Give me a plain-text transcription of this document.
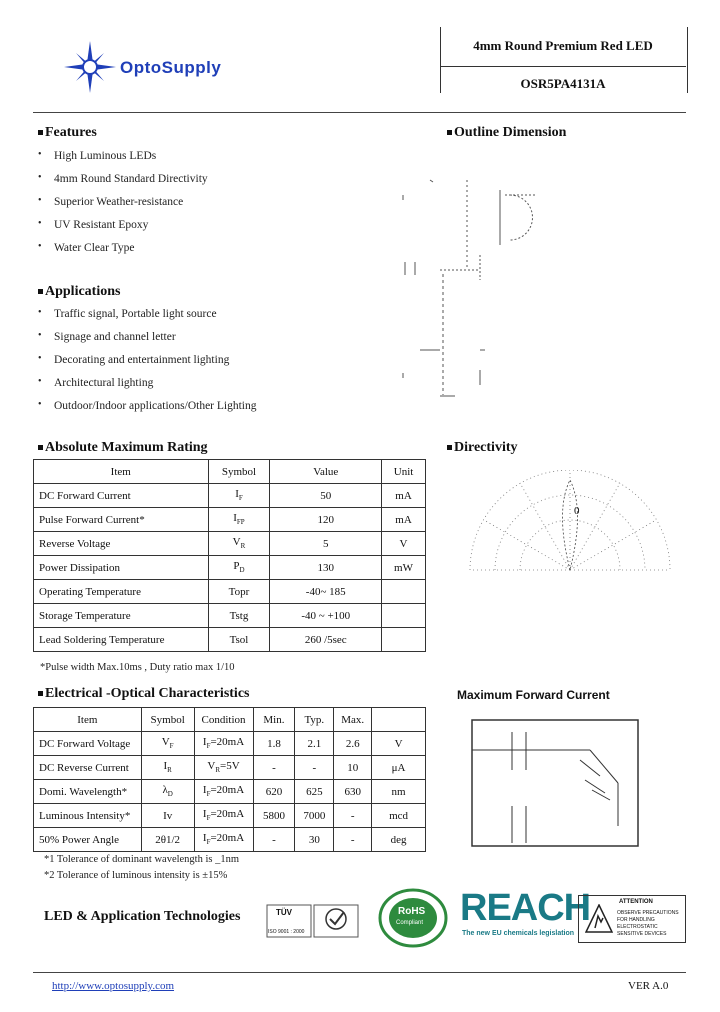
OptoSupply
4mm Round Premium Red LED
OSR5PA4131A
Features
• High Luminous LEDs
• 4mm Round Standard Directivity
• Superior Weather-resistance
• UV Resistant Epoxy
• Water Clear Type
Applications
• Traffic signal, Portable light source
• Signage and channel letter
• Decorating and entertainment lighting
• Architectural lighting
• Outdoor/Indoor applications/Other Lighting
Outline Dimension
Absolute Maximum Rating
Item	Symbol	Value	Unit
DC Forward Current	$I_F$	50	mA
Pulse Forward Current*	$I_{FP}$	120	mA
Reverse Voltage	$V_R$	5	V
Power Dissipation	$P_D$	130	mW
Operating Temperature	Topr	-40~ 185	
Storage Temperature	Tstg	-40 ~ +100	
Lead Soldering Temperature	Tsol	260 /5sec	
*Pulse width Max.10ms , Duty ratio max 1/10
Directivity
0
Electrical -Optical Characteristics
Item	Symbol	Condition	Min.	Typ.	Max.	
DC Forward Voltage	$V_F$	$I_F=20mA$	1.8	2.1	2.6	V
DC Reverse Current	$I_R$	$V_R=5V$	-	-	10	μA
Domi. Wavelength*	$\lambda_D$	$I_F=20mA$	620	625	630	nm
Luminous Intensity*	Iv	$I_F=20mA$	5800	7000	-	mcd
50% Power Angle	2θ1/2	$I_F=20mA$	-	30	-	deg
*1 Tolerance of dominant wavelength is _1nm
*2 Tolerance of luminous intensity is ±15%
Maximum Forward Current
LED & Application Technologies	TÜV
ISO 9001 : 2000
RoHS
Compliant REACH
The new EU chemicals legislation
ATTENTION
OBSERVE PRECAUTIONS FOR HANDLING ELECTROSTATIC SENSITIVE DEVICES
http://www.optosupply.com	VER A.0
